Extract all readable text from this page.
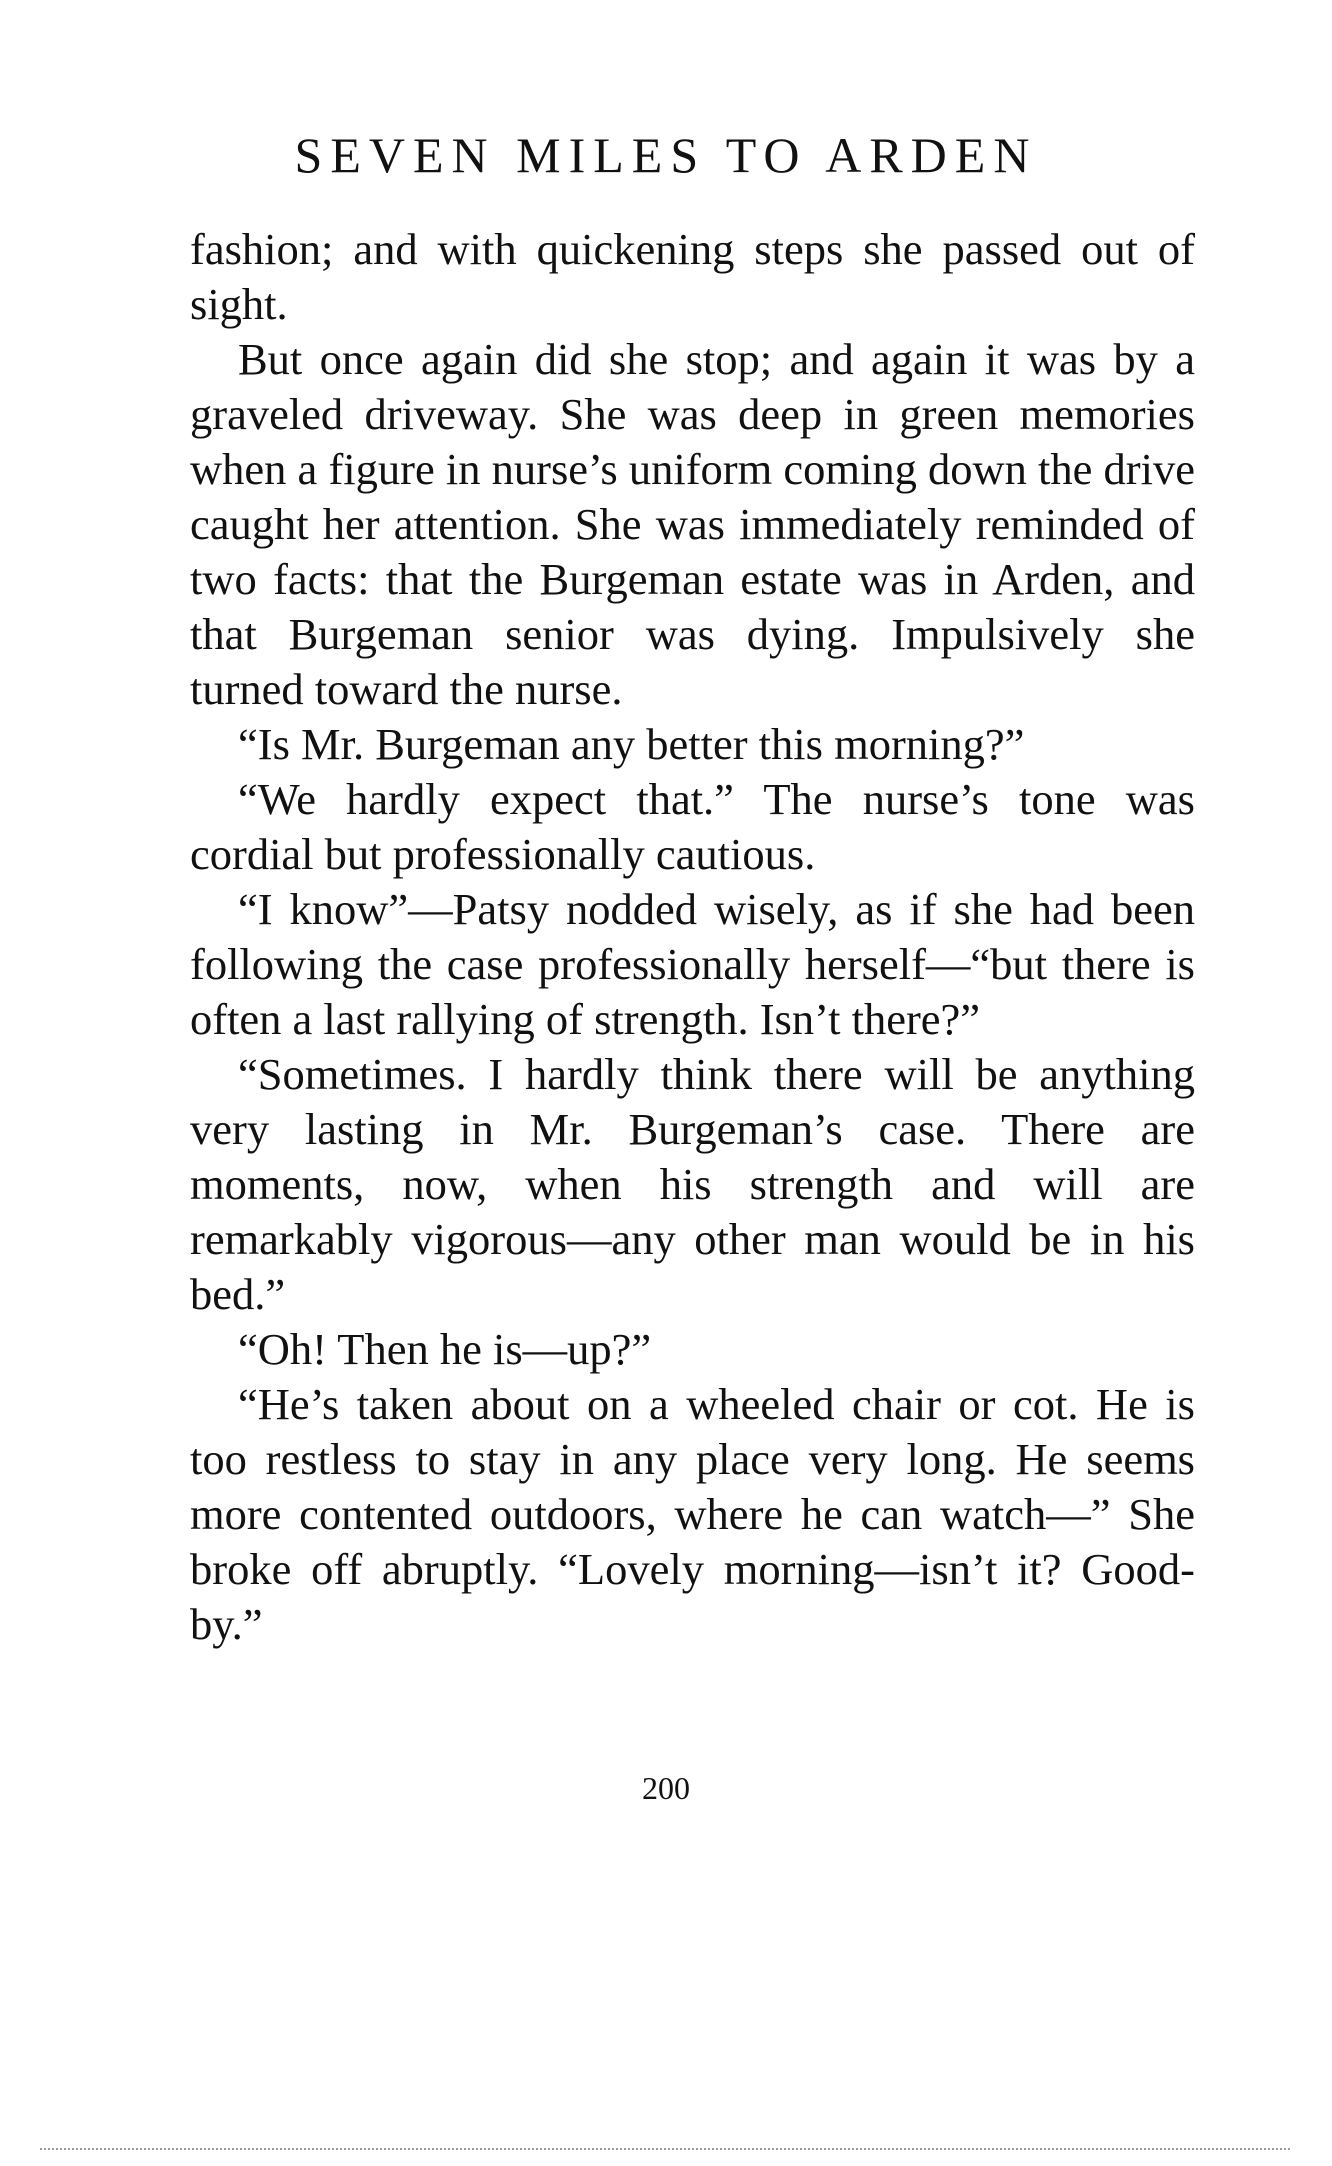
SEVEN MILES TO ARDEN

fashion; and with quickening steps she passed out of sight.

But once again did she stop; and again it was by a graveled driveway. She was deep in green memories when a figure in nurse’s uniform coming down the drive caught her attention. She was immediately reminded of two facts: that the Burgeman estate was in Arden, and that Burgeman senior was dying. Impulsively she turned toward the nurse.

“Is Mr. Burgeman any better this morning?”

“We hardly expect that.” The nurse’s tone was cordial but professionally cautious.

“I know”—Patsy nodded wisely, as if she had been following the case professionally herself—“but there is often a last rallying of strength. Isn’t there?”

“Sometimes. I hardly think there will be anything very lasting in Mr. Burgeman’s case. There are moments, now, when his strength and will are remarkably vigorous—any other man would be in his bed.”

“Oh! Then he is—up?”

“He’s taken about on a wheeled chair or cot. He is too restless to stay in any place very long. He seems more contented outdoors, where he can watch—” She broke off abruptly. “Lovely morning—isn’t it? Good-by.”

200
